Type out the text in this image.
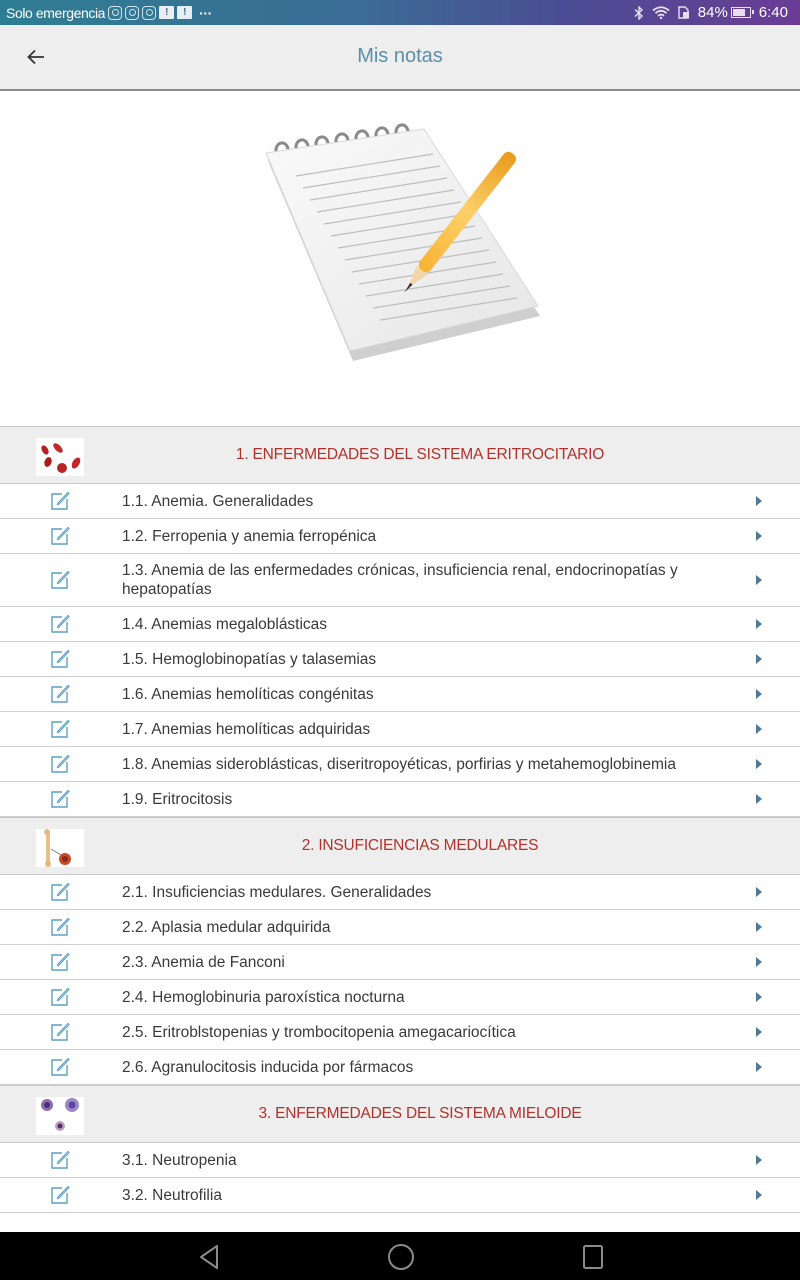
Solo emergencia	!	! ···	84% 6:40
Mis notas
1. ENFERMEDADES DEL SISTEMA ERITROCITARIO
1.1. Anemia. Generalidades
1.2. Ferropenia y anemia ferropénica
1.3. Anemia de las enfermedades crónicas, insuficiencia renal, endocrinopatías y hepatopatías
1.4. Anemias megaloblásticas
1.5. Hemoglobinopatías y talasemias
1.6. Anemias hemolíticas congénitas
1.7. Anemias hemolíticas adquiridas
1.8. Anemias sideroblásticas, diseritropoyéticas, porfirias y metahemoglobinemia
1.9. Eritrocitosis
2. INSUFICIENCIAS MEDULARES
2.1. Insuficiencias medulares. Generalidades
2.2. Aplasia medular adquirida
2.3. Anemia de Fanconi
2.4. Hemoglobinuria paroxística nocturna
2.5. Eritroblstopenias y trombocitopenia amegacariocítica
2.6. Agranulocitosis inducida por fármacos
3. ENFERMEDADES DEL SISTEMA MIELOIDE
3.1. Neutropenia
3.2. Neutrofilia
